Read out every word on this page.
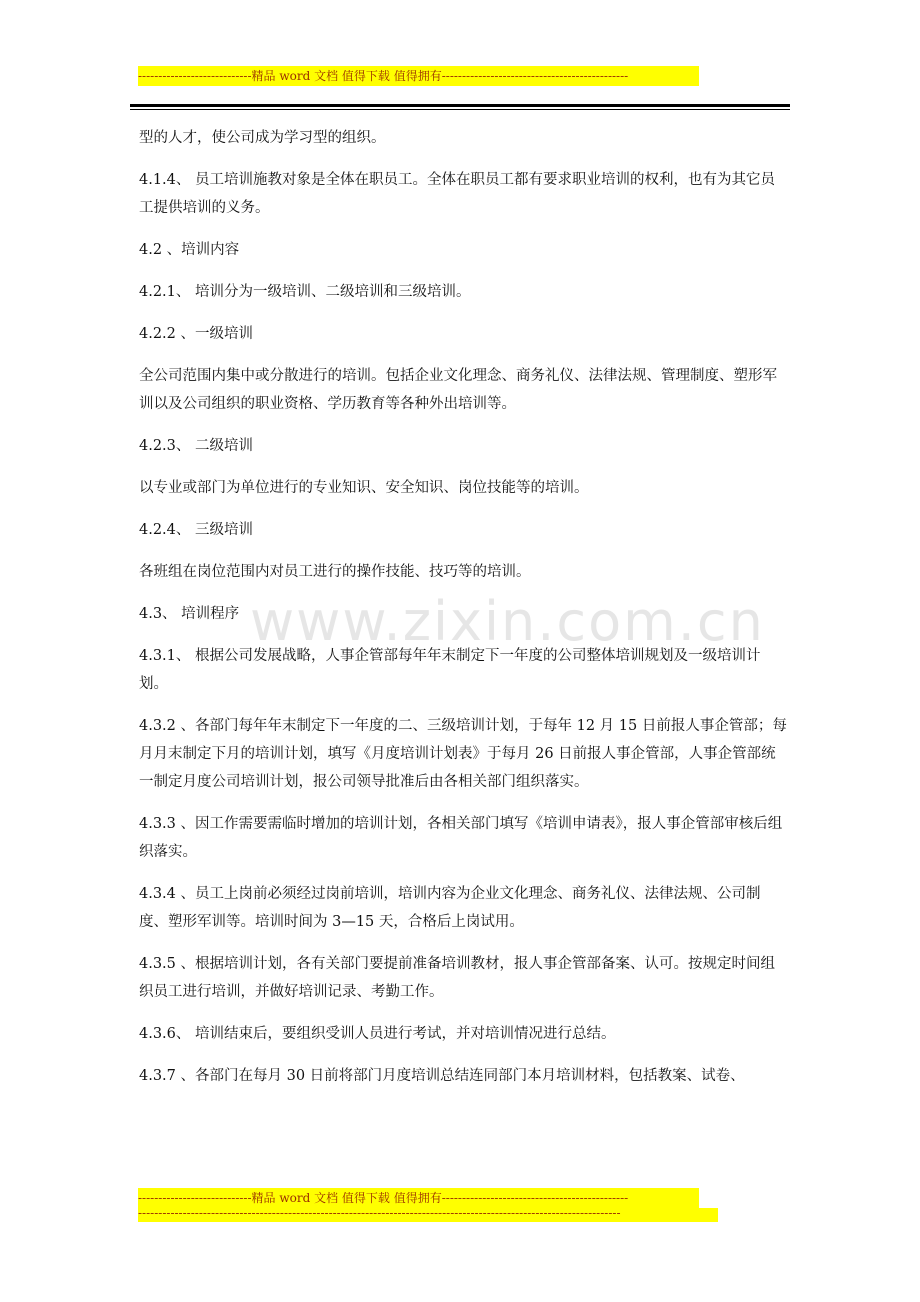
----------------------------精品 word 文档 值得下载 值得拥有----------------------------------------------
www.zixin.com.cn

型的人才，使公司成为学习型的组织。

4.1.4、 员工培训施教对象是全体在职员工。全体在职员工都有要求职业培训的权利，也有为其它员工提供培训的义务。

4.2 、培训内容

4.2.1、 培训分为一级培训、二级培训和三级培训。

4.2.2 、一级培训

全公司范围内集中或分散进行的培训。包括企业文化理念、商务礼仪、法律法规、管理制度、塑形军训以及公司组织的职业资格、学历教育等各种外出培训等。

4.2.3、 二级培训

以专业或部门为单位进行的专业知识、安全知识、岗位技能等的培训。

4.2.4、 三级培训

各班组在岗位范围内对员工进行的操作技能、技巧等的培训。

4.3、 培训程序

4.3.1、 根据公司发展战略，人事企管部每年年末制定下一年度的公司整体培训规划及一级培训计划。

4.3.2 、各部门每年年末制定下一年度的二、三级培训计划，于每年 12 月 15 日前报人事企管部；每月月末制定下月的培训计划，填写《月度培训计划表》于每月 26 日前报人事企管部，人事企管部统一制定月度公司培训计划，报公司领导批准后由各相关部门组织落实。

4.3.3 、因工作需要需临时增加的培训计划，各相关部门填写《培训申请表》，报人事企管部审核后组织落实。

4.3.4 、员工上岗前必须经过岗前培训，培训内容为企业文化理念、商务礼仪、法律法规、公司制度、塑形军训等。培训时间为 3—15 天，合格后上岗试用。

4.3.5 、根据培训计划，各有关部门要提前准备培训教材，报人事企管部备案、认可。按规定时间组织员工进行培训，并做好培训记录、考勤工作。

4.3.6、 培训结束后，要组织受训人员进行考试，并对培训情况进行总结。

4.3.7 、各部门在每月 30 日前将部门月度培训总结连同部门本月培训材料，包括教案、试卷、

----------------------------精品 word 文档 值得下载 值得拥有----------------------------------------------
-----------------------------------------------------------------------------------------------------------------------
